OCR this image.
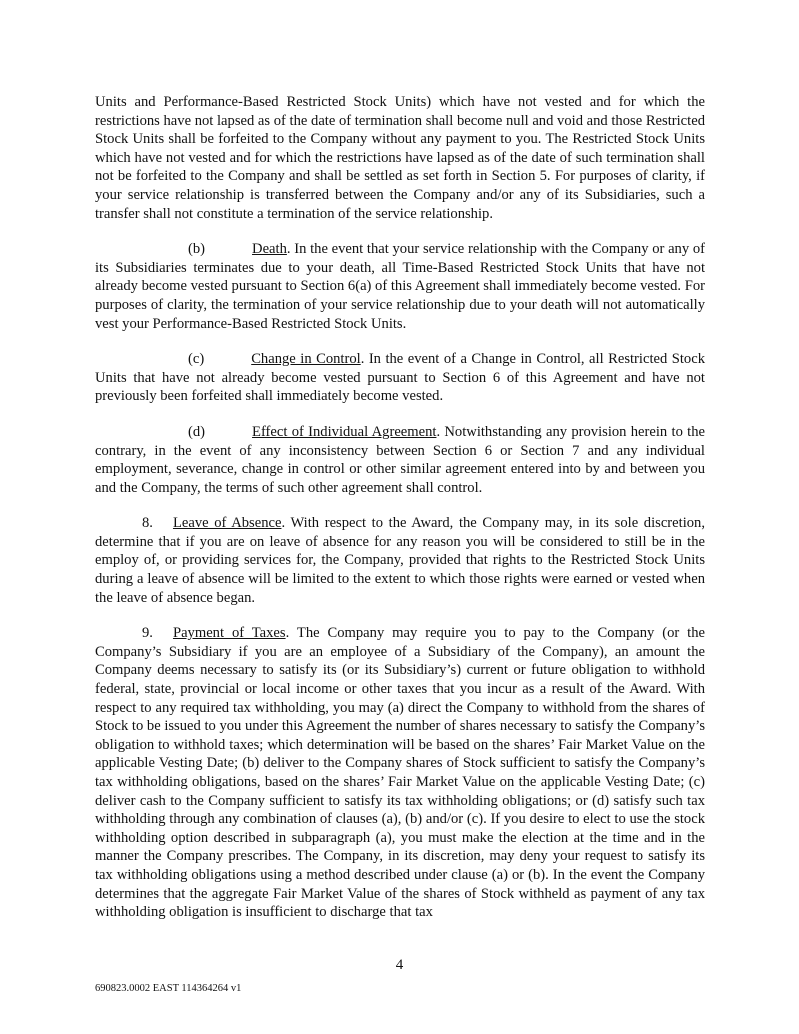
Units and Performance-Based Restricted Stock Units) which have not vested and for which the restrictions have not lapsed as of the date of termination shall become null and void and those Restricted Stock Units shall be forfeited to the Company without any payment to you. The Restricted Stock Units which have not vested and for which the restrictions have lapsed as of the date of such termination shall not be forfeited to the Company and shall be settled as set forth in Section 5. For purposes of clarity, if your service relationship is transferred between the Company and/or any of its Subsidiaries, such a transfer shall not constitute a termination of the service relationship.

(b)	Death. In the event that your service relationship with the Company or any of its Subsidiaries terminates due to your death, all Time-Based Restricted Stock Units that have not already become vested pursuant to Section 6(a) of this Agreement shall immediately become vested. For purposes of clarity, the termination of your service relationship due to your death will not automatically vest your Performance-Based Restricted Stock Units.

(c)	Change in Control. In the event of a Change in Control, all Restricted Stock Units that have not already become vested pursuant to Section 6 of this Agreement and have not previously been forfeited shall immediately become vested.

(d)	Effect of Individual Agreement. Notwithstanding any provision herein to the contrary, in the event of any inconsistency between Section 6 or Section 7 and any individual employment, severance, change in control or other similar agreement entered into by and between you and the Company, the terms of such other agreement shall control.

8. Leave of Absence. With respect to the Award, the Company may, in its sole discretion, determine that if you are on leave of absence for any reason you will be considered to still be in the employ of, or providing services for, the Company, provided that rights to the Restricted Stock Units during a leave of absence will be limited to the extent to which those rights were earned or vested when the leave of absence began.

9. Payment of Taxes. The Company may require you to pay to the Company (or the Company’s Subsidiary if you are an employee of a Subsidiary of the Company), an amount the Company deems necessary to satisfy its (or its Subsidiary’s) current or future obligation to withhold federal, state, provincial or local income or other taxes that you incur as a result of the Award. With respect to any required tax withholding, you may (a) direct the Company to withhold from the shares of Stock to be issued to you under this Agreement the number of shares necessary to satisfy the Company’s obligation to withhold taxes; which determination will be based on the shares’ Fair Market Value on the applicable Vesting Date; (b) deliver to the Company shares of Stock sufficient to satisfy the Company’s tax withholding obligations, based on the shares’ Fair Market Value on the applicable Vesting Date; (c) deliver cash to the Company sufficient to satisfy its tax withholding obligations; or (d) satisfy such tax withholding through any combination of clauses (a), (b) and/or (c). If you desire to elect to use the stock withholding option described in subparagraph (a), you must make the election at the time and in the manner the Company prescribes. The Company, in its discretion, may deny your request to satisfy its tax withholding obligations using a method described under clause (a) or (b). In the event the Company determines that the aggregate Fair Market Value of the shares of Stock withheld as payment of any tax withholding obligation is insufficient to discharge that tax

4
690823.0002 EAST 114364264 v1
